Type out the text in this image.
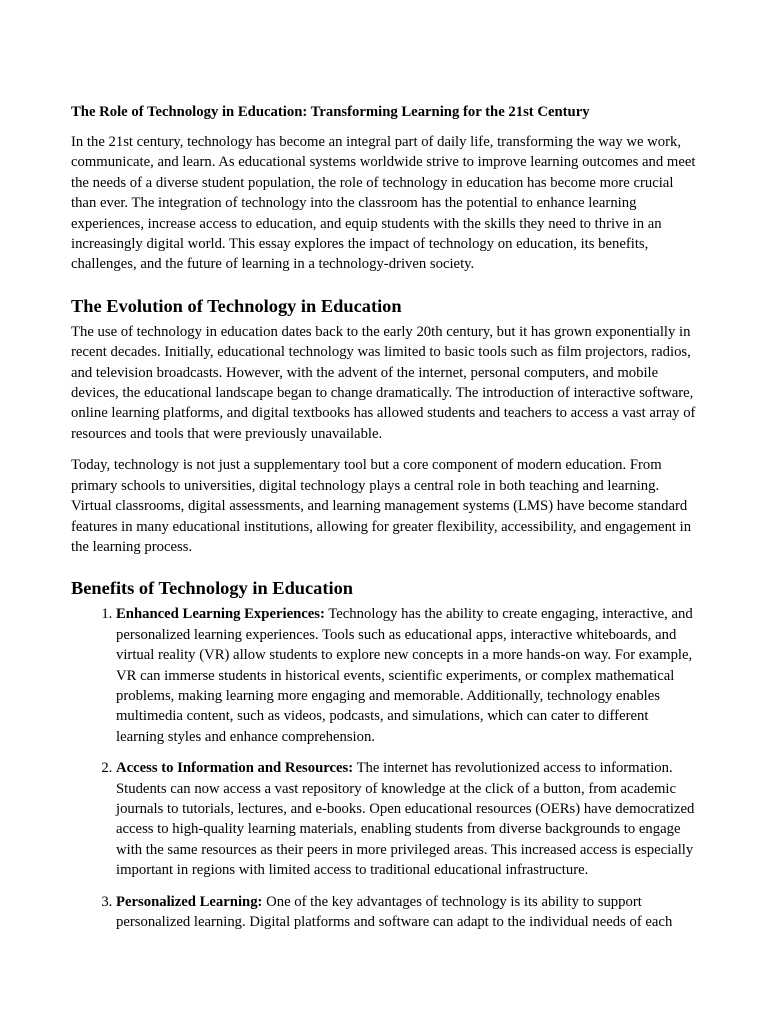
The Role of Technology in Education: Transforming Learning for the 21st Century

In the 21st century, technology has become an integral part of daily life, transforming the way we work, communicate, and learn. As educational systems worldwide strive to improve learning outcomes and meet the needs of a diverse student population, the role of technology in education has become more crucial than ever. The integration of technology into the classroom has the potential to enhance learning experiences, increase access to education, and equip students with the skills they need to thrive in an increasingly digital world. This essay explores the impact of technology on education, its benefits, challenges, and the future of learning in a technology-driven society.

The Evolution of Technology in Education

The use of technology in education dates back to the early 20th century, but it has grown exponentially in recent decades. Initially, educational technology was limited to basic tools such as film projectors, radios, and television broadcasts. However, with the advent of the internet, personal computers, and mobile devices, the educational landscape began to change dramatically. The introduction of interactive software, online learning platforms, and digital textbooks has allowed students and teachers to access a vast array of resources and tools that were previously unavailable.

Today, technology is not just a supplementary tool but a core component of modern education. From primary schools to universities, digital technology plays a central role in both teaching and learning. Virtual classrooms, digital assessments, and learning management systems (LMS) have become standard features in many educational institutions, allowing for greater flexibility, accessibility, and engagement in the learning process.

Benefits of Technology in Education
1. Enhanced Learning Experiences: Technology has the ability to create engaging, interactive, and personalized learning experiences. Tools such as educational apps, interactive whiteboards, and virtual reality (VR) allow students to explore new concepts in a more hands-on way. For example, VR can immerse students in historical events, scientific experiments, or complex mathematical problems, making learning more engaging and memorable. Additionally, technology enables multimedia content, such as videos, podcasts, and simulations, which can cater to different learning styles and enhance comprehension.
2. Access to Information and Resources: The internet has revolutionized access to information. Students can now access a vast repository of knowledge at the click of a button, from academic journals to tutorials, lectures, and e-books. Open educational resources (OERs) have democratized access to high-quality learning materials, enabling students from diverse backgrounds to engage with the same resources as their peers in more privileged areas. This increased access is especially important in regions with limited access to traditional educational infrastructure.
3. Personalized Learning: One of the key advantages of technology is its ability to support personalized learning. Digital platforms and software can adapt to the individual needs of each
